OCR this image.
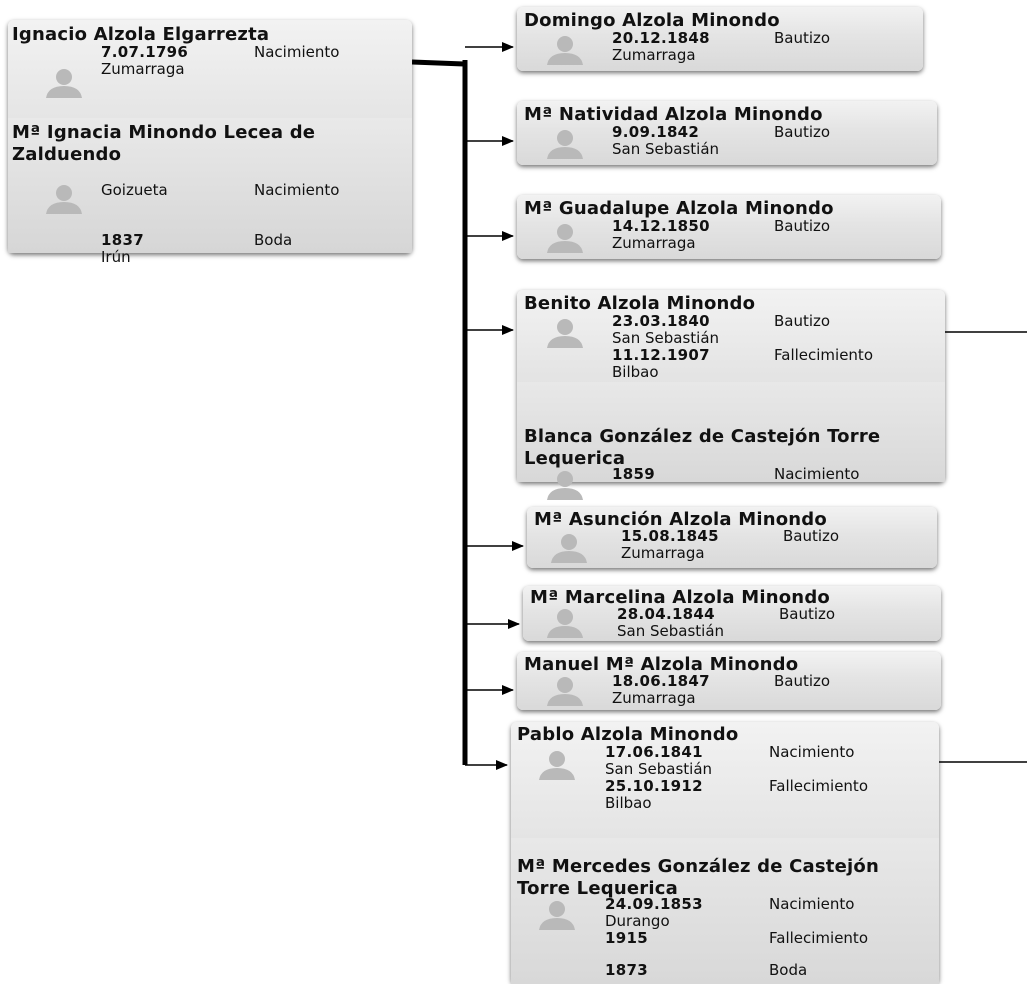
Ignacio Alzola Elgarrezta
7.07.1796	Nacimiento
Zumarraga
Mª Ignacia Minondo Lecea de Zalduendo
Nacimiento
Goizueta
1837	Boda
Irún
Domingo Alzola Minondo
20.12.1848	Bautizo
Zumarraga
Mª Natividad Alzola Minondo
9.09.1842	Bautizo
San Sebastián
Mª Guadalupe Alzola Minondo
14.12.1850	Bautizo
Zumarraga
Benito Alzola Minondo
23.03.1840	Bautizo
San Sebastián
11.12.1907	Fallecimiento
Bilbao
Blanca González de Castejón Torre Lequerica
1859	Nacimiento
Mª Asunción Alzola Minondo
15.08.1845	Bautizo
Zumarraga
Mª Marcelina Alzola Minondo
28.04.1844	Bautizo
San Sebastián
Manuel Mª Alzola Minondo
18.06.1847	Bautizo
Zumarraga
Pablo Alzola Minondo
17.06.1841	Nacimiento
San Sebastián
25.10.1912	Fallecimiento
Bilbao
Mª Mercedes González de Castejón Torre Lequerica
24.09.1853	Nacimiento
Durango
1915	Fallecimiento
1873	Boda
